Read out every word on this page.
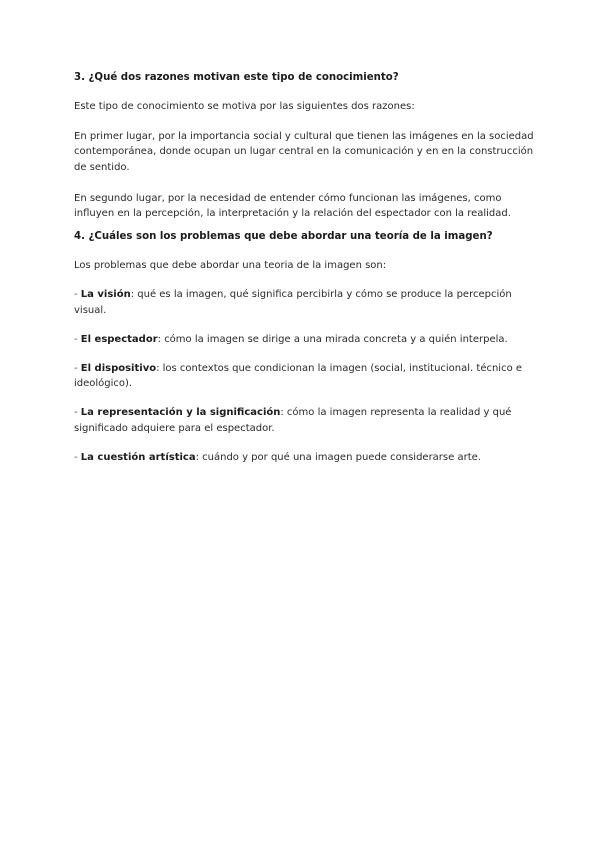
3. ¿Qué dos razones motivan este tipo de conocimiento?

Este tipo de conocimiento se motiva por las siguientes dos razones:

En primer lugar, por la importancia social y cultural que tienen las imágenes en la sociedad contemporánea, donde ocupan un lugar central en la comunicación y en en la construcción de sentido.

En segundo lugar, por la necesidad de entender cómo funcionan las imágenes, como influyen en la percepción, la interpretación y la relación del espectador con la realidad.

4. ¿Cuáles son los problemas que debe abordar una teoría de la imagen?

Los problemas que debe abordar una teoria de la imagen son:

- La visión: qué es la imagen, qué significa percibirla y cómo se produce la percepción visual.

- El espectador: cómo la imagen se dirige a una mirada concreta y a quién interpela.

- El dispositivo: los contextos que condicionan la imagen (social, institucional. técnico e ideológico).

- La representación y la significación: cómo la imagen representa la realidad y qué significado adquiere para el espectador.

- La cuestión artística: cuándo y por qué una imagen puede considerarse arte.
